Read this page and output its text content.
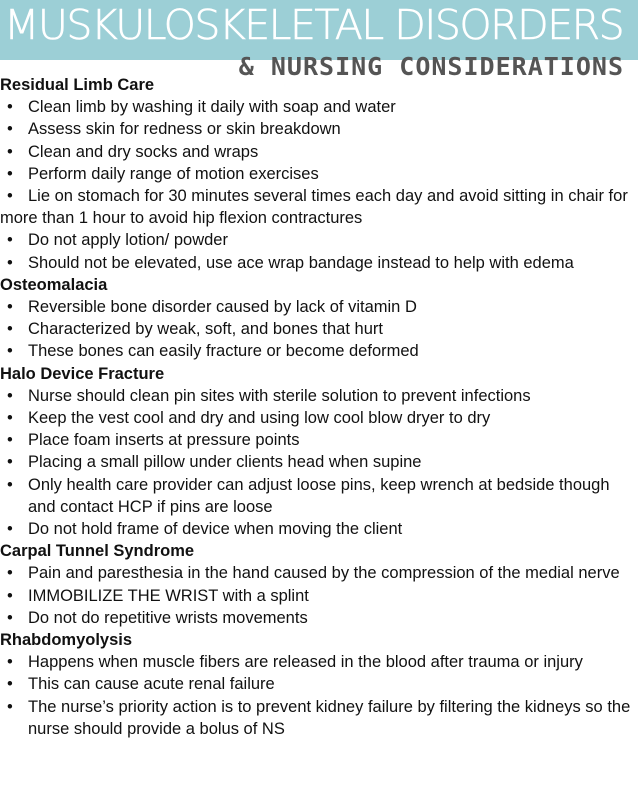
MUSKULOSKELETAL DISORDERS
& NURSING CONSIDERATIONS

Residual Limb Care

• Clean limb by washing it daily with soap and water
• Assess skin for redness or skin breakdown
• Clean and dry socks and wraps
• Perform daily range of motion exercises
• Lie on stomach for 30 minutes several times each day and avoid sitting in chair for more than 1 hour to avoid hip flexion contractures
• Do not apply lotion/ powder
• Should not be elevated, use ace wrap bandage instead to help with edema

Osteomalacia

• Reversible bone disorder caused by lack of vitamin D
• Characterized by weak, soft, and bones that hurt
• These bones can easily fracture or become deformed

Halo Device Fracture

• Nurse should clean pin sites with sterile solution to prevent infections
• Keep the vest cool and dry and using low cool blow dryer to dry
• Place foam inserts at pressure points
• Placing a small pillow under clients head when supine
• Only health care provider can adjust loose pins, keep wrench at bedside though and contact HCP if pins are loose
• Do not hold frame of device when moving the client

Carpal Tunnel Syndrome

• Pain and paresthesia in the hand caused by the compression of the medial nerve
• IMMOBILIZE THE WRIST with a splint
• Do not do repetitive wrists movements

Rhabdomyolysis

• Happens when muscle fibers are released in the blood after trauma or injury
• This can cause acute renal failure
• The nurse’s priority action is to prevent kidney failure by filtering the kidneys so the nurse should provide a bolus of NS
